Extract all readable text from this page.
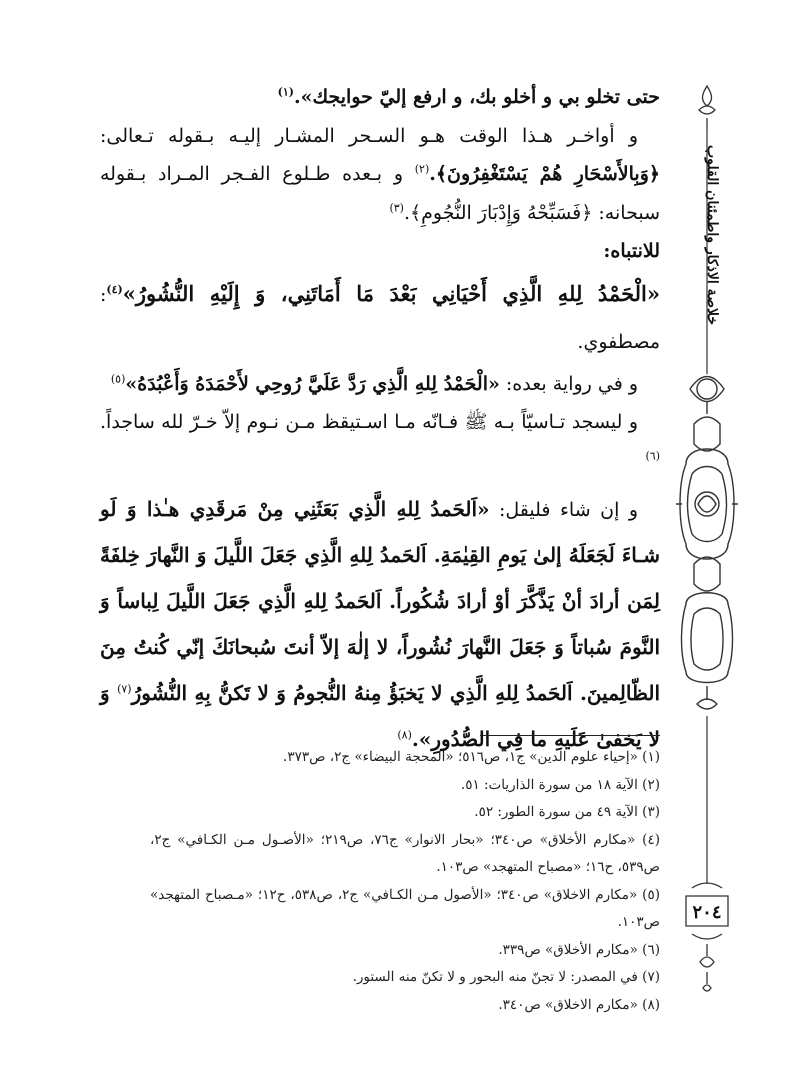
حتى تخلو بي و أخلو بك، و ارفع إليّ حوايجك».$^{(١)}$

و أواخـر هـذا الوقت هـو السـحر المشـار إليـه بـقوله تـعالى: ﴿وَبِالأَسْحَارِ هُمْ يَسْتَغْفِرُونَ﴾.$^{(٢)}$ و بـعده طـلوع الفـجر المـراد بـقوله سبحانه: ﴿فَسَبِّحْهُ وَإِدْبَارَ النُّجُومِ﴾.$^{(٣)}$

للانتباه:

«الْحَمْدُ لِلهِ الَّذِي أَحْيَانِي بَعْدَ مَا أَمَاتَنِي، وَ إِلَيْهِ النُّشُورُ»$^{(٤)}$: مصطفوي.

و في رواية بعده: «الْحَمْدُ لِلهِ الَّذِي رَدَّ عَلَيَّ رُوحِي لأَحْمَدَهُ وَأَعْبُدَهُ»$^{(٥)}$

و ليسجد تـاسيّاً بـه ﷺ فـانّه مـا اسـتيقظ مـن نـوم إلاّ خـرّ لله ساجداً.$^{(٦)}$

و إن شاء فليقل: «اَلحَمدُ لِلهِ الَّذِي بَعَثَنِي مِنْ مَرقَدِي هـٰذا وَ لَو شـاءَ لَجَعَلَهُ إلىٰ يَومِ القِيٰمَةِ. اَلحَمدُ لِلهِ الَّذِي جَعَلَ اللَّيلَ وَ النَّهارَ خِلفَةً لِمَن أرادَ أنْ يَذَّكَّرَ أوْ أرادَ شُكُوراً. اَلحَمدُ لِلهِ الَّذِي جَعَلَ اللَّيلَ لِباساً وَ النَّومَ سُباتاً وَ جَعَلَ النَّهارَ نُشُوراً، لا إلٰهَ إلاّ أنتَ سُبحانَكَ إنّي كُنتُ مِنَ الظّالِمينَ. اَلحَمدُ لِلهِ الَّذِي لا يَخبَؤُ مِنهُ النُّجومُ وَ لا تَكنُّ بِهِ النُّشُورُ$^{(٧)}$ وَ لا يَخفىٰ عَلَيهِ ما فِي الصُّدُورِ».$^{(٨)}$

(١) «إحياء علوم الدين» ج١، ص٥١٦؛ «المحجة البيضاء» ج٢، ص٣٧٣.

(٢) الآية ١٨ من سورة الذاريات: ٥١.

(٣) الآية ٤٩ من سورة الطور: ٥٢.

(٤) «مكارم الأخلاق» ص٣٤٠؛ «بحار الانوار» ج٧٦، ص٢١٩؛ «الأصـول مـن الكـافي» ج٢، ص٥٣٩، ح١٦؛ «مصباح المتهجد» ص١٠٣.

(٥) «مكارم الاخلاق» ص٣٤٠؛ «الأصول مـن الكـافي» ج٢، ص٥٣٨، ح١٢؛ «مـصباح المتهجد» ص١٠٣.

(٦) «مكارم الأخلاق» ص٣٣٩.

(٧) في المصدر: لا تجنّ منه البحور و لا تكنّ منه الستور.

(٨) «مكارم الاخلاق» ص٣٤٠.

خلاصة الاذكار واطمئنان القلوب
٢٠٤
